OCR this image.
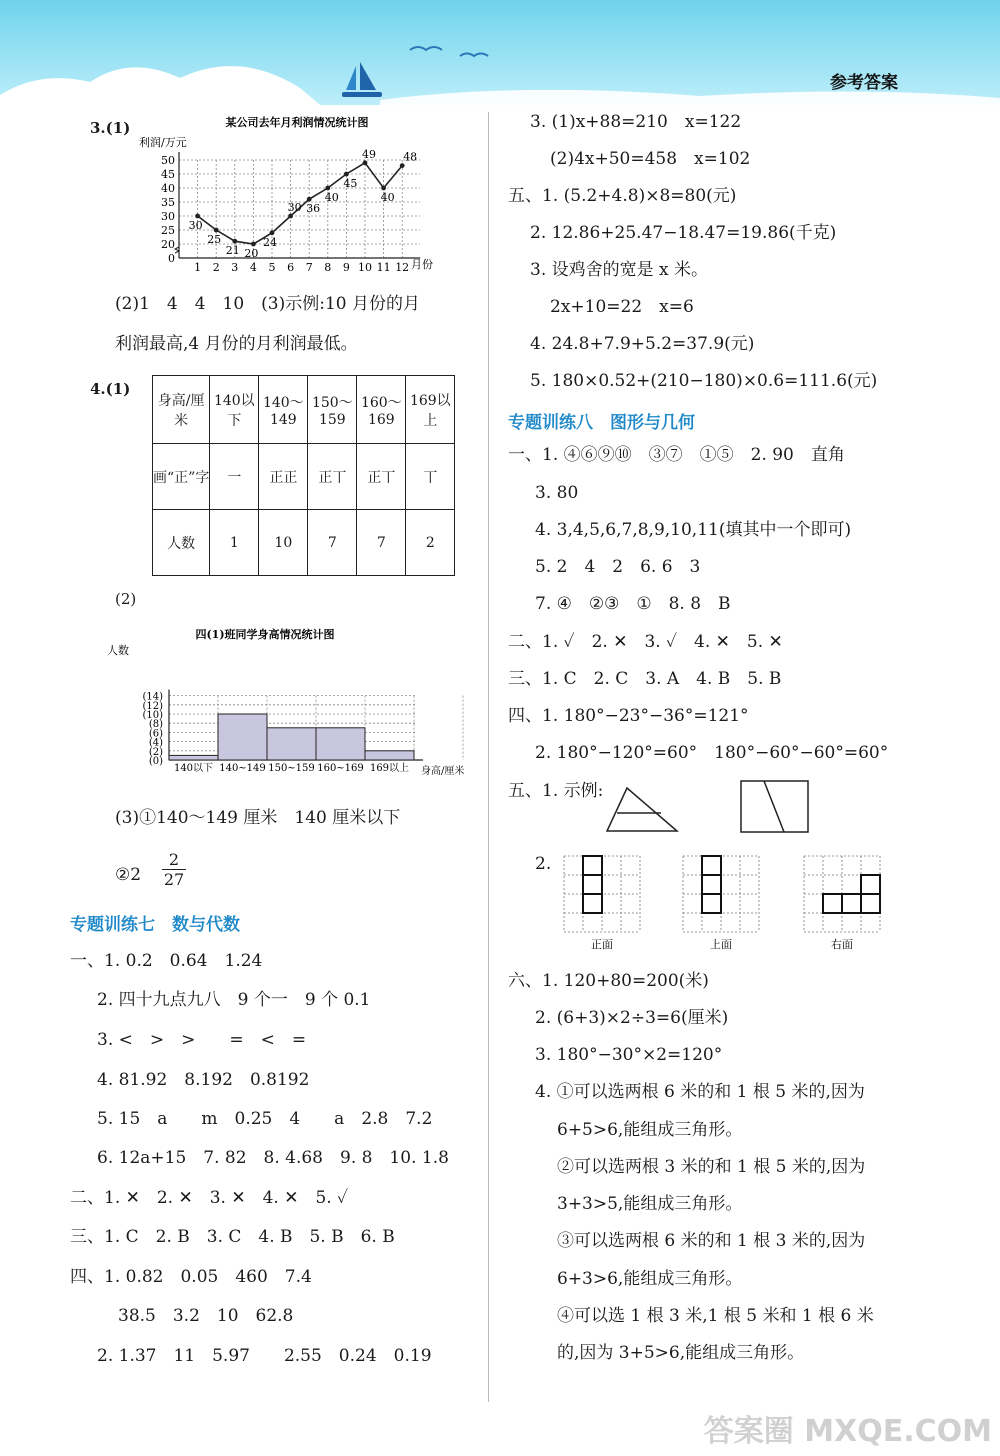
参考答案
3.(1)	某公司去年月利润情况统计图
利润/万元
0
20
25
30
35
40
45
50
1 2 3 4 5 6 7 8 9 10 11 12 月份
30
25
21 20
24
30 36
40
45
49
40
48
(2)1　4　4　10　(3)示例:10 月份的月
利润最高,4 月份的月利润最低。
4.(1)
身高/厘米	140以下	140～149	150～159	160～169	169以上
画“正”字	一	正正	正丅	正丅	丅
人数	1	10	7	7	2
(2)
四(1)班同学身高情况统计图
人数
(0)
(2)
(4)
(6)
(8)
(10)
(12)
(14)
140以下 140~149 150~159 160~169 169以上 身高/厘米
(3)①140～149 厘米　140 厘米以下
②2 $\frac{2}{27}$
专题训练七　数与代数
一、1. 0.2　0.64　1.24
2. 四十九点九八　9 个一　9 个 0.1
3. <　>　>　　=　<　=
4. 81.92　8.192　0.8192
5. 15　a　　m　0.25　4　　a　2.8　7.2
6. 12a+15　7. 82　8. 4.68　9. 8　10. 1.8
二、1. ✕　2. ✕　3. ✕　4. ✕　5. ✓
三、1. C　2. B　3. C　4. B　5. B　6. B
四、1. 0.82　0.05　460　7.4
38.5　3.2　10　62.8
2. 1.37　11　5.97　　2.55　0.24　0.19
3. (1)x+88=210　x=122
(2)4x+50=458　x=102
五、1. (5.2+4.8)×8=80(元)
2. 12.86+25.47−18.47=19.86(千克)
3. 设鸡舍的宽是 x 米。
2x+10=22　x=6
4. 24.8+7.9+5.2=37.9(元)
5. 180×0.52+(210−180)×0.6=111.6(元)
专题训练八　图形与几何
一、1. ④⑥⑨⑩　③⑦　①⑤　2. 90　直角
3. 80
4. 3,4,5,6,7,8,9,10,11(填其中一个即可)
5. 2　4　2　6. 6　3
7. ④　②③　①　8. 8　B
二、1. ✓　2. ✕　3. ✓　4. ✕　5. ✕
三、1. C　2. C　3. A　4. B　5. B
四、1. 180°−23°−36°=121°
2. 180°−120°=60°　180°−60°−60°=60°
五、1. 示例:
2.
正面	上面	右面
六、1. 120+80=200(米)
2. (6+3)×2÷3=6(厘米)
3. 180°−30°×2=120°
4. ①可以选两根 6 米的和 1 根 5 米的,因为
6+5>6,能组成三角形。
②可以选两根 3 米的和 1 根 5 米的,因为
3+3>5,能组成三角形。
③可以选两根 6 米的和 1 根 3 米的,因为
6+3>6,能组成三角形。
④可以选 1 根 3 米,1 根 5 米和 1 根 6 米
的,因为 3+5>6,能组成三角形。
答案圈 MXQE.COM
